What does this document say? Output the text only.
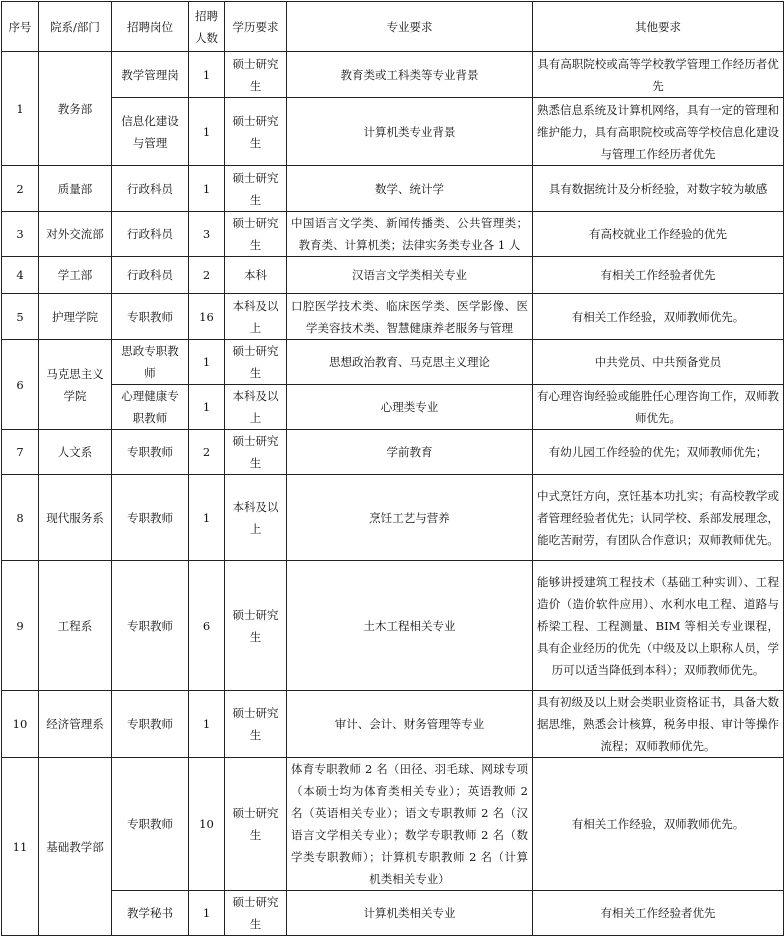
序号	院系/部门	招聘岗位	招聘人数	学历要求	专业要求	其他要求
1	教务部	教学管理岗	1	硕士研究生	教育类或工科类等专业背景	具有高职院校或高等学校教学管理工作经历者优先
		信息化建设与管理	1	硕士研究生	计算机类专业背景	熟悉信息系统及计算机网络，具有一定的管理和维护能力，具有高职院校或高等学校信息化建设与管理工作经历者优先
2	质量部	行政科员	1	硕士研究生	数学、统计学	具有数据统计及分析经验，对数字较为敏感
3	对外交流部	行政科员	3	硕士研究生	中国语言文学类、新闻传播类、公共管理类；教育类、计算机类；法律实务类专业各 1 人	有高校就业工作经验的优先
4	学工部	行政科员	2	本科	汉语言文学类相关专业	有相关工作经验者优先
5	护理学院	专职教师	16	本科及以上	口腔医学技术类、临床医学类、医学影像、医学美容技术类、智慧健康养老服务与管理	有相关工作经验，双师教师优先。
6	马克思主义学院	思政专职教师	1	硕士研究生	思想政治教育、马克思主义理论	中共党员、中共预备党员
		心理健康专职教师	1	本科及以上	心理类专业	有心理咨询经验或能胜任心理咨询工作，双师教师优先。
7	人文系	专职教师	2	硕士研究生	学前教育	有幼儿园工作经验的优先；双师教师优先；
8	现代服务系	专职教师	1	本科及以上	烹饪工艺与营养	中式烹饪方向，烹饪基本功扎实；有高校教学或者管理经验者优先；认同学校、系部发展理念，能吃苦耐劳，有团队合作意识；双师教师优先。
9	工程系	专职教师	6	硕士研究生	土木工程相关专业	能够讲授建筑工程技术（基础工种实训）、工程造价（造价软件应用）、水利水电工程、道路与桥梁工程、工程测量、BIM 等相关专业课程，具有企业经历的优先（中级及以上职称人员，学历可以适当降低到本科）；双师教师优先。
10	经济管理系	专职教师	1	硕士研究生	审计、会计、财务管理等专业	具有初级及以上财会类职业资格证书，具备大数据思维，熟悉会计核算，税务申报、审计等操作流程；双师教师优先。
11	基础教学部	专职教师	10	硕士研究生	体育专职教师 2 名（田径、羽毛球、网球专项（本硕士均为体育类相关专业）；英语教师 2 名（英语相关专业）；语文专职教师 2 名（汉语言文学相关专业）；数学专职教师 2 名（数学类专职教师）；计算机专职教师 2 名（计算机类相关专业）	有相关工作经验，双师教师优先。
		教学秘书	1	硕士研究生	计算机类相关专业	有相关工作经验者优先
